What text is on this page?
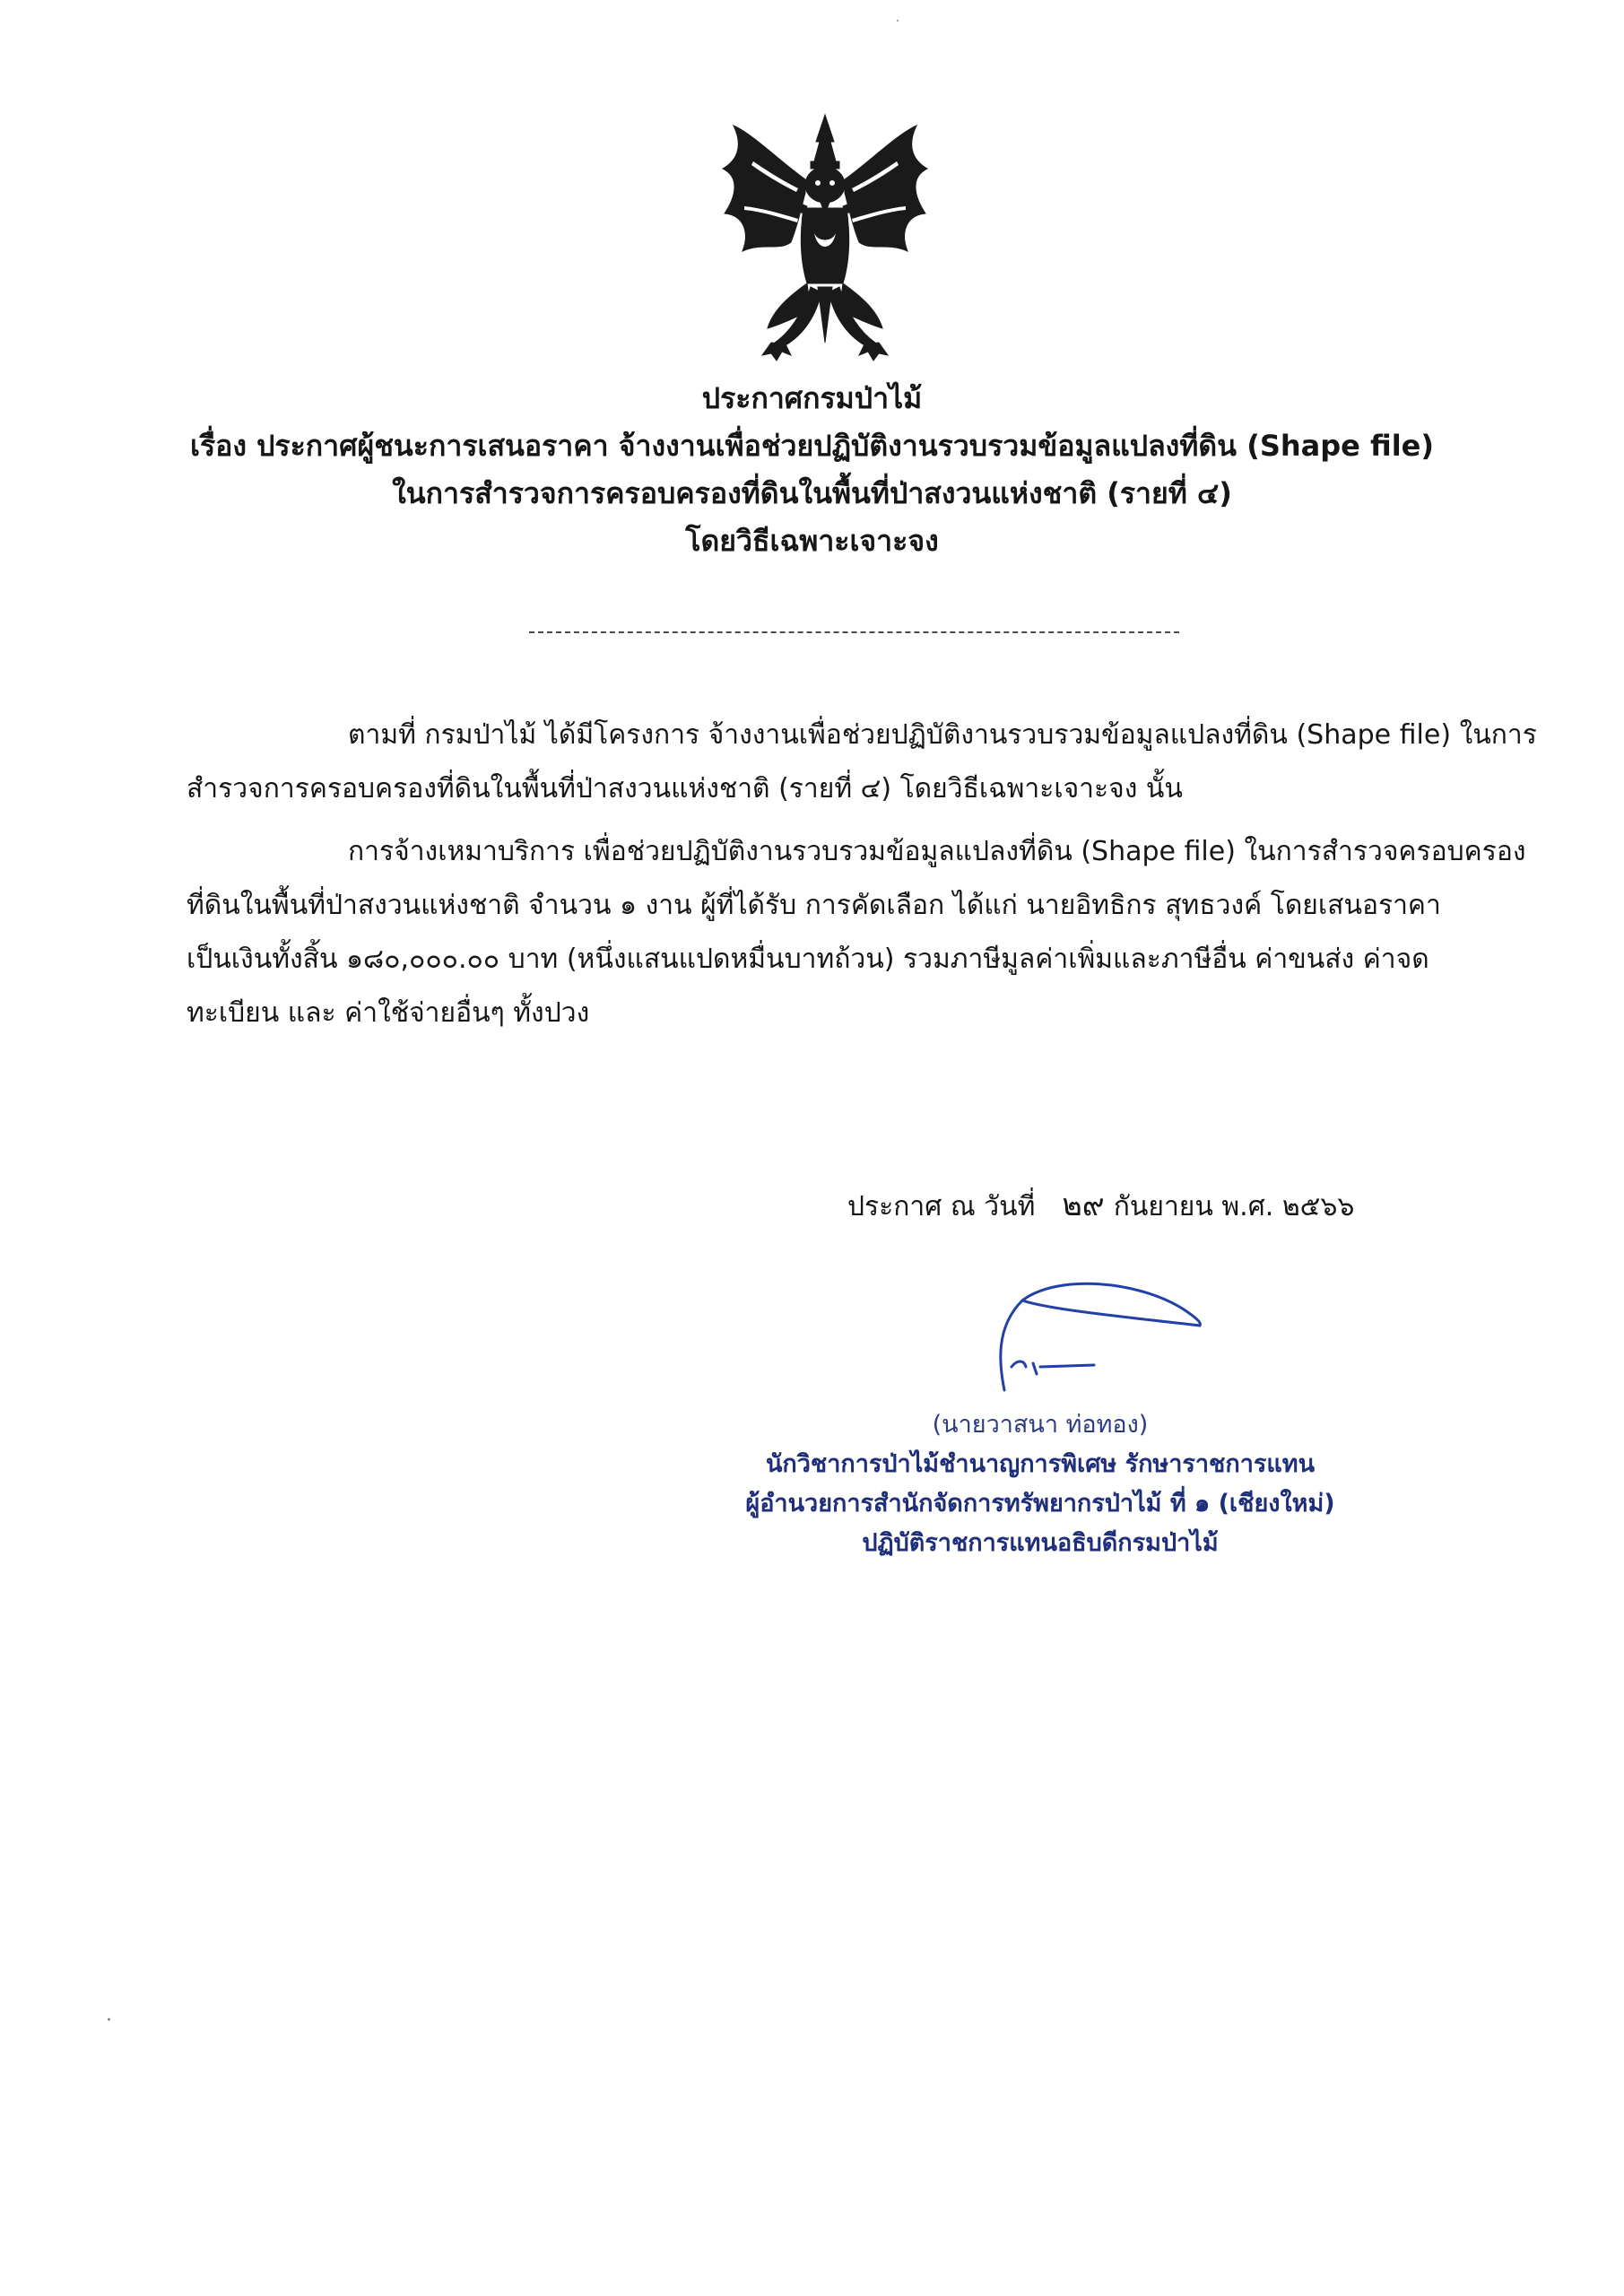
ประกาศกรมป่าไม้
เรื่อง ประกาศผู้ชนะการเสนอราคา จ้างงานเพื่อช่วยปฏิบัติงานรวบรวมข้อมูลแปลงที่ดิน (Shape file)
ในการสำรวจการครอบครองที่ดินในพื้นที่ป่าสงวนแห่งชาติ (รายที่ ๔)
โดยวิธีเฉพาะเจาะจง
ตามที่ กรมป่าไม้ ได้มีโครงการ จ้างงานเพื่อช่วยปฏิบัติงานรวบรวมข้อมูลแปลงที่ดิน (Shape file) ในการ
สำรวจการครอบครองที่ดินในพื้นที่ป่าสงวนแห่งชาติ (รายที่ ๔) โดยวิธีเฉพาะเจาะจง นั้น
การจ้างเหมาบริการ เพื่อช่วยปฏิบัติงานรวบรวมข้อมูลแปลงที่ดิน (Shape file) ในการสำรวจครอบครอง
ที่ดินในพื้นที่ป่าสงวนแห่งชาติ จำนวน ๑ งาน ผู้ที่ได้รับ การคัดเลือก ได้แก่ นายอิทธิกร สุทธวงค์ โดยเสนอราคา
เป็นเงินทั้งสิ้น ๑๘๐,๐๐๐.๐๐ บาท (หนึ่งแสนแปดหมื่นบาทถ้วน) รวมภาษีมูลค่าเพิ่มและภาษีอื่น ค่าขนส่ง ค่าจด
ทะเบียน และ ค่าใช้จ่ายอื่นๆ ทั้งปวง
ประกาศ ณ วันที่ ๒๙ กันยายน พ.ศ. ๒๕๖๖
(นายวาสนา ท่อทอง)
นักวิชาการป่าไม้ชำนาญการพิเศษ รักษาราชการแทน
ผู้อำนวยการสำนักจัดการทรัพยากรป่าไม้ ที่ ๑ (เชียงใหม่)
ปฏิบัติราชการแทนอธิบดีกรมป่าไม้
